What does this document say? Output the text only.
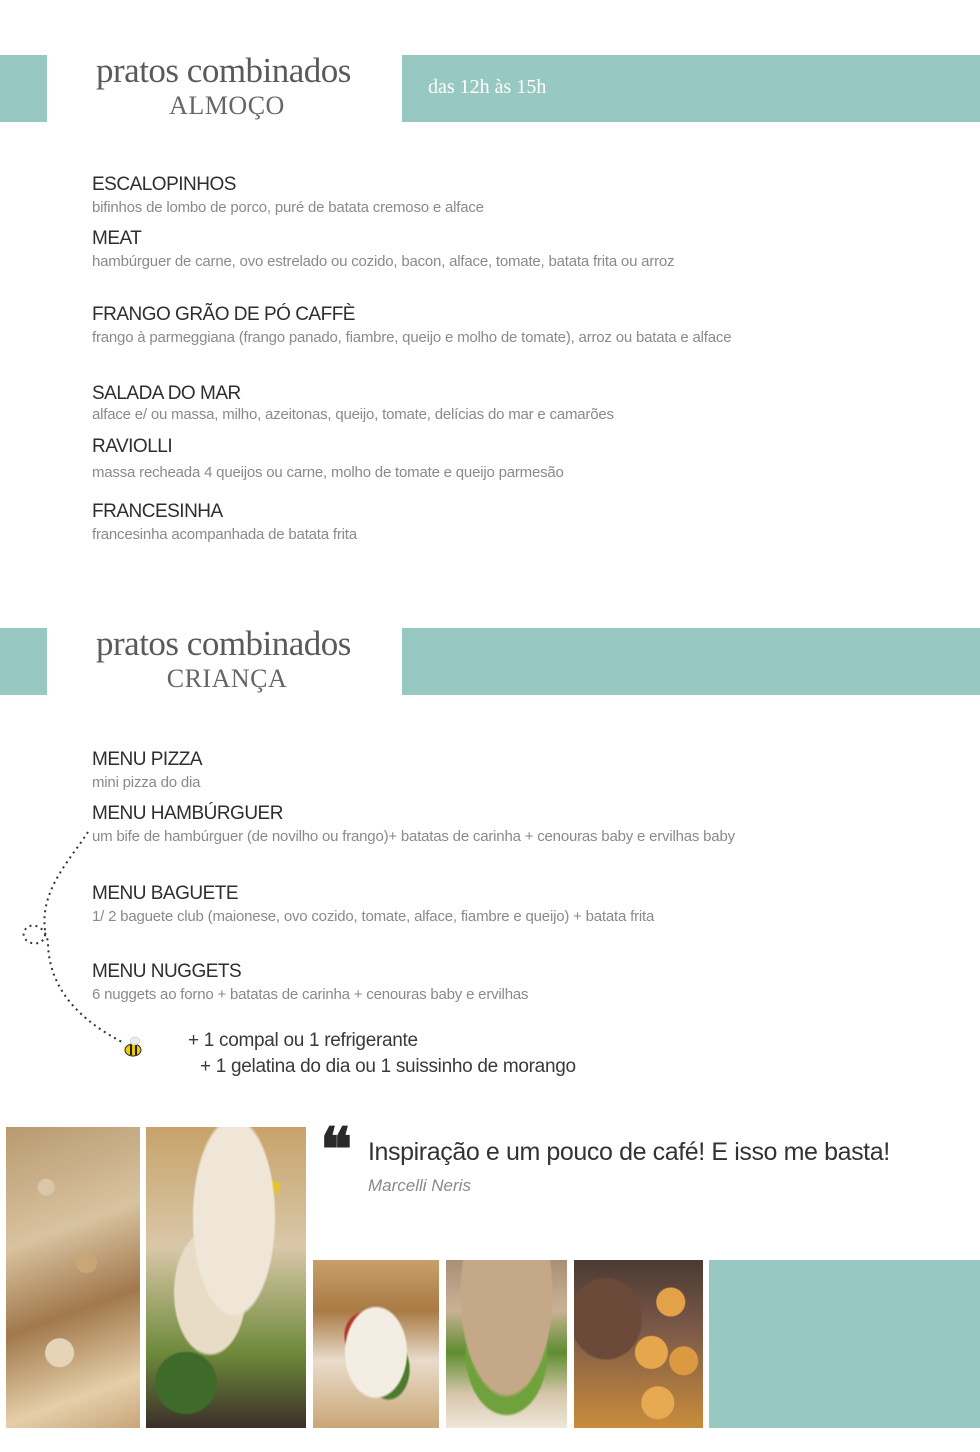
das 12h às 15h
pratos combinados
ALMOÇO
ESCALOPINHOS
bifinhos de lombo de porco, puré de batata cremoso e alface
MEAT
hambúrguer de carne, ovo estrelado ou cozido, bacon, alface, tomate, batata frita ou arroz
FRANGO GRÃO DE PÓ CAFFÈ
frango à parmeggiana (frango panado, fiambre, queijo e molho de tomate), arroz ou batata e alface
SALADA DO MAR
alface e/ ou massa, milho, azeitonas, queijo, tomate, delícias do mar e camarões
RAVIOLLI
massa recheada 4 queijos ou carne, molho de tomate e queijo parmesão
FRANCESINHA
francesinha acompanhada de batata frita
pratos combinados
CRIANÇA
MENU PIZZA
mini pizza do dia
MENU HAMBÚRGUER
um bife de hambúrguer (de novilho ou frango)+ batatas de carinha + cenouras baby e ervilhas baby
MENU BAGUETE
1/ 2 baguete club (maionese, ovo cozido, tomate, alface, fiambre e queijo) + batata frita
MENU NUGGETS
6 nuggets ao forno + batatas de carinha + cenouras baby e ervilhas
+ 1 compal ou 1 refrigerante
+ 1 gelatina do dia ou 1 suissinho de morango
❝ Inspiração e um pouco de café! E isso me basta!
Marcelli Neris
